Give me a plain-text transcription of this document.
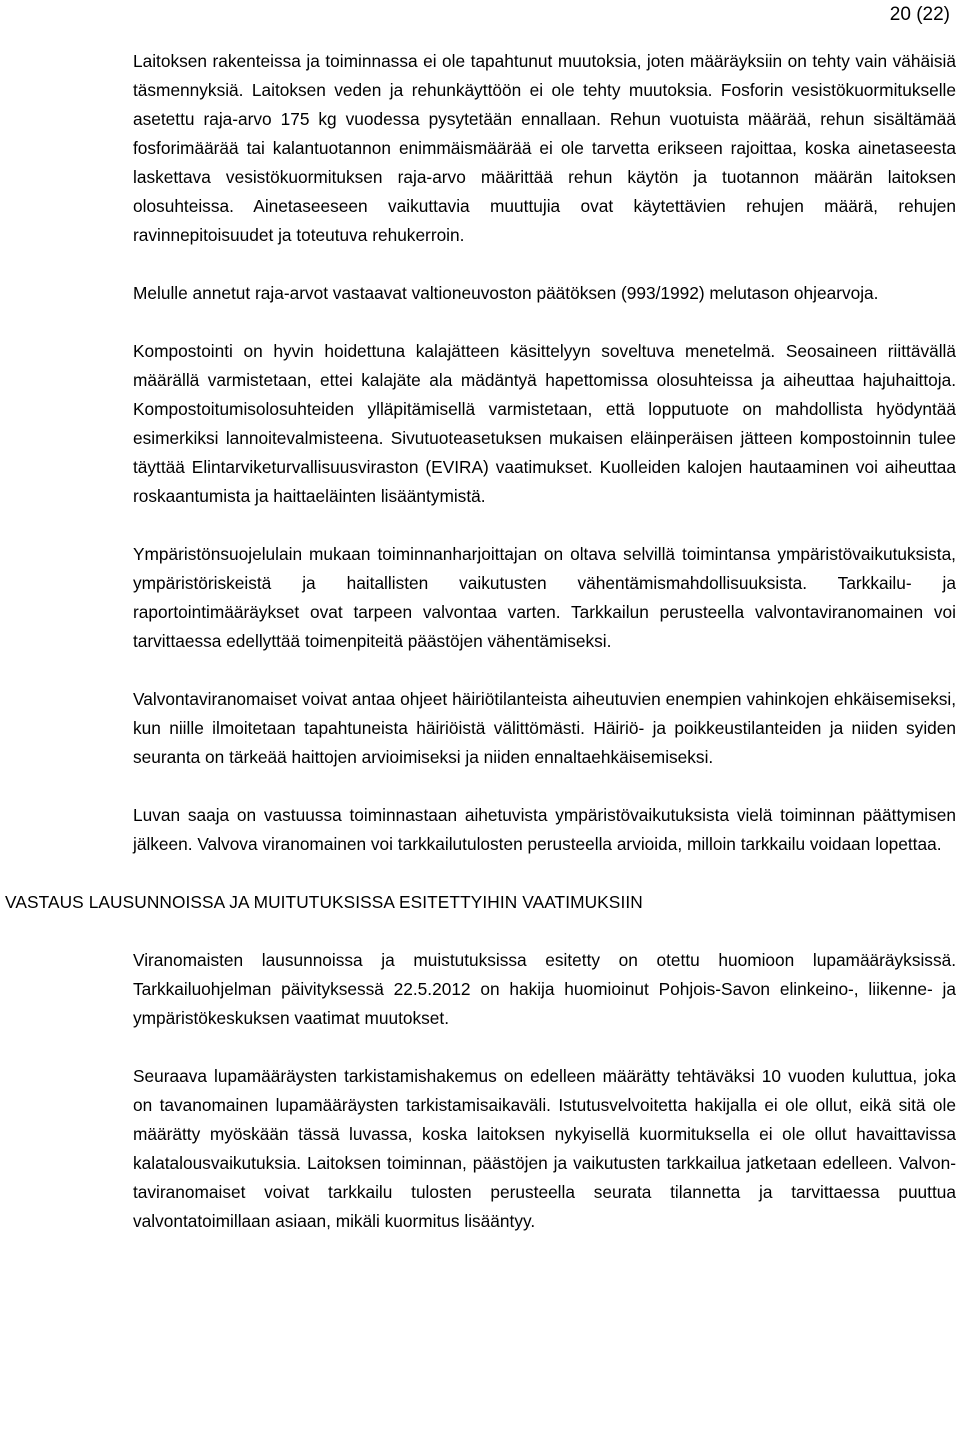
20 (22)

Laitoksen rakenteissa ja toiminnassa ei ole tapahtunut muutoksia, joten määräyksiin on tehty vain vähäisiä täsmennyksiä. Laitoksen veden ja rehunkäyttöön ei ole tehty muutoksia. Fosforin vesistökuormitukselle asetettu raja-arvo 175 kg vuodessa pysytetään ennallaan. Rehun vuotuista määrää, rehun sisältämää fosforimäärää tai kalantuotannon enimmäismäärää ei ole tarvetta erikseen rajoittaa, koska ainetaseesta laskettava vesistökuormituksen raja-arvo määrittää rehun käytön ja tuotannon määrän laitoksen olosuhteissa. Ainetaseeseen vaikuttavia muuttujia ovat käytettävien rehujen määrä, rehujen ravinnepitoisuudet ja toteutuva rehukerroin.

Melulle annetut raja-arvot vastaavat valtioneuvoston päätöksen (993/1992) melutason ohjearvoja.

Kompostointi on hyvin hoidettuna kalajätteen käsittelyyn soveltuva menetelmä. Seosaineen riittävällä määrällä varmistetaan, ettei kalajäte ala mädäntyä hapettomissa olosuhteissa ja aiheuttaa hajuhaittoja. Kompostoitumisolosuhteiden ylläpitämisellä varmistetaan, että lopputuote on mahdollista hyödyntää esimerkiksi lannoitevalmisteena. Sivutuoteasetuksen mukaisen eläinperäisen jätteen kompostoinnin tulee täyttää Elintarviketurvallisuusviraston (EVIRA) vaatimukset. Kuolleiden kalojen hautaaminen voi aiheuttaa roskaantumista ja haittaeläinten lisääntymistä.

Ympäristönsuojelulain mukaan toiminnanharjoittajan on oltava selvillä toimintansa ympäristövaikutuksista, ympäristöriskeistä ja haitallisten vaikutusten vähentämismahdollisuuksista. Tarkkailu- ja raportointimääräykset ovat tarpeen valvontaa varten. Tarkkailun perusteella valvontaviranomainen voi tarvittaessa edellyttää toimenpiteitä päästöjen vähentämiseksi.

Valvontaviranomaiset voivat antaa ohjeet häiriötilanteista aiheutuvien enempien vahinkojen ehkäisemiseksi, kun niille ilmoitetaan tapahtuneista häiriöistä välittömästi. Häiriö- ja poikkeustilanteiden ja niiden syiden seuranta on tärkeää haittojen arvioimiseksi ja niiden ennaltaehkäisemiseksi.

Luvan saaja on vastuussa toiminnastaan aihetuvista ympäristövaikutuksista vielä toiminnan päättymisen jälkeen. Valvova viranomainen voi tarkkailutulosten perusteella arvioida, milloin tarkkailu voidaan lopettaa.

VASTAUS LAUSUNNOISSA JA MUITUTUKSISSA ESITETTYIHIN VAATIMUKSIIN

Viranomaisten lausunnoissa ja muistutuksissa esitetty on otettu huomioon lupamääräyksissä. Tarkkailuohjelman päivityksessä 22.5.2012 on hakija huomioinut Pohjois-Savon elinkeino-, liikenne- ja ympäristökeskuksen vaatimat muutokset.

Seuraava lupamääräysten tarkistamishakemus on edelleen määrätty tehtäväksi 10 vuoden kuluttua, joka on tavanomainen lupamääräysten tarkistamisaikaväli. Istutusvelvoitetta hakijalla ei ole ollut, eikä sitä ole määrätty myöskään tässä luvassa, koska laitoksen nykyisellä kuormituksella ei ole ollut havaittavissa kalatalousvaikutuksia. Laitoksen toiminnan, päästöjen ja vaikutusten tarkkailua jatketaan edelleen. Valvontaviranomaiset voivat tarkkailu tulosten perusteella seurata tilannetta ja tarvittaessa puuttua valvontatoimillaan asiaan, mikäli kuormitus lisääntyy.
